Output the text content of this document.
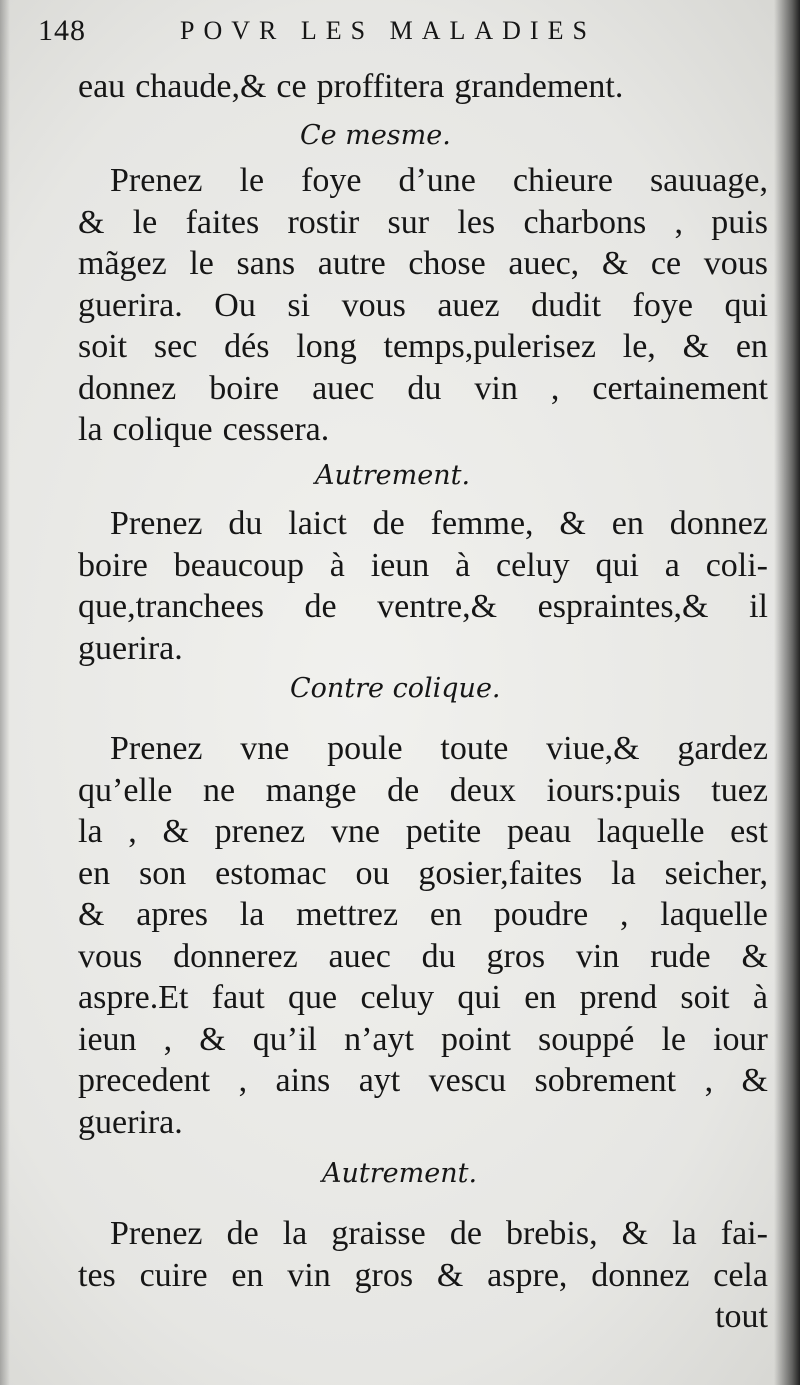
148	POVR LES MALADIES
eau chaude,& ce proffitera grandement.
Ce mesme.
Prenez le foye d’une chieure sauuage,
& le faites rostir sur les charbons , puis
mãgez le sans autre chose auec, & ce vous
guerira. Ou si vous auez dudit foye qui
soit sec dés long temps,pulerisez le, & en
donnez boire auec du vin , certainement
la colique cessera.
Autrement.
Prenez du laict de femme, & en donnez
boire beaucoup à ieun à celuy qui a coli-
que,tranchees de ventre,& espraintes,& il
guerira.
Contre colique.
Prenez vne poule toute viue,& gardez
qu’elle ne mange de deux iours:puis tuez
la , & prenez vne petite peau laquelle est
en son estomac ou gosier,faites la seicher,
& apres la mettrez en poudre , laquelle
vous donnerez auec du gros vin rude &
aspre.Et faut que celuy qui en prend soit à
ieun , & qu’il n’ayt point souppé le iour
precedent , ains ayt vescu sobrement , &
guerira.
Autrement.
Prenez de la graisse de brebis, & la fai-
tes cuire en vin gros & aspre, donnez cela
tout
